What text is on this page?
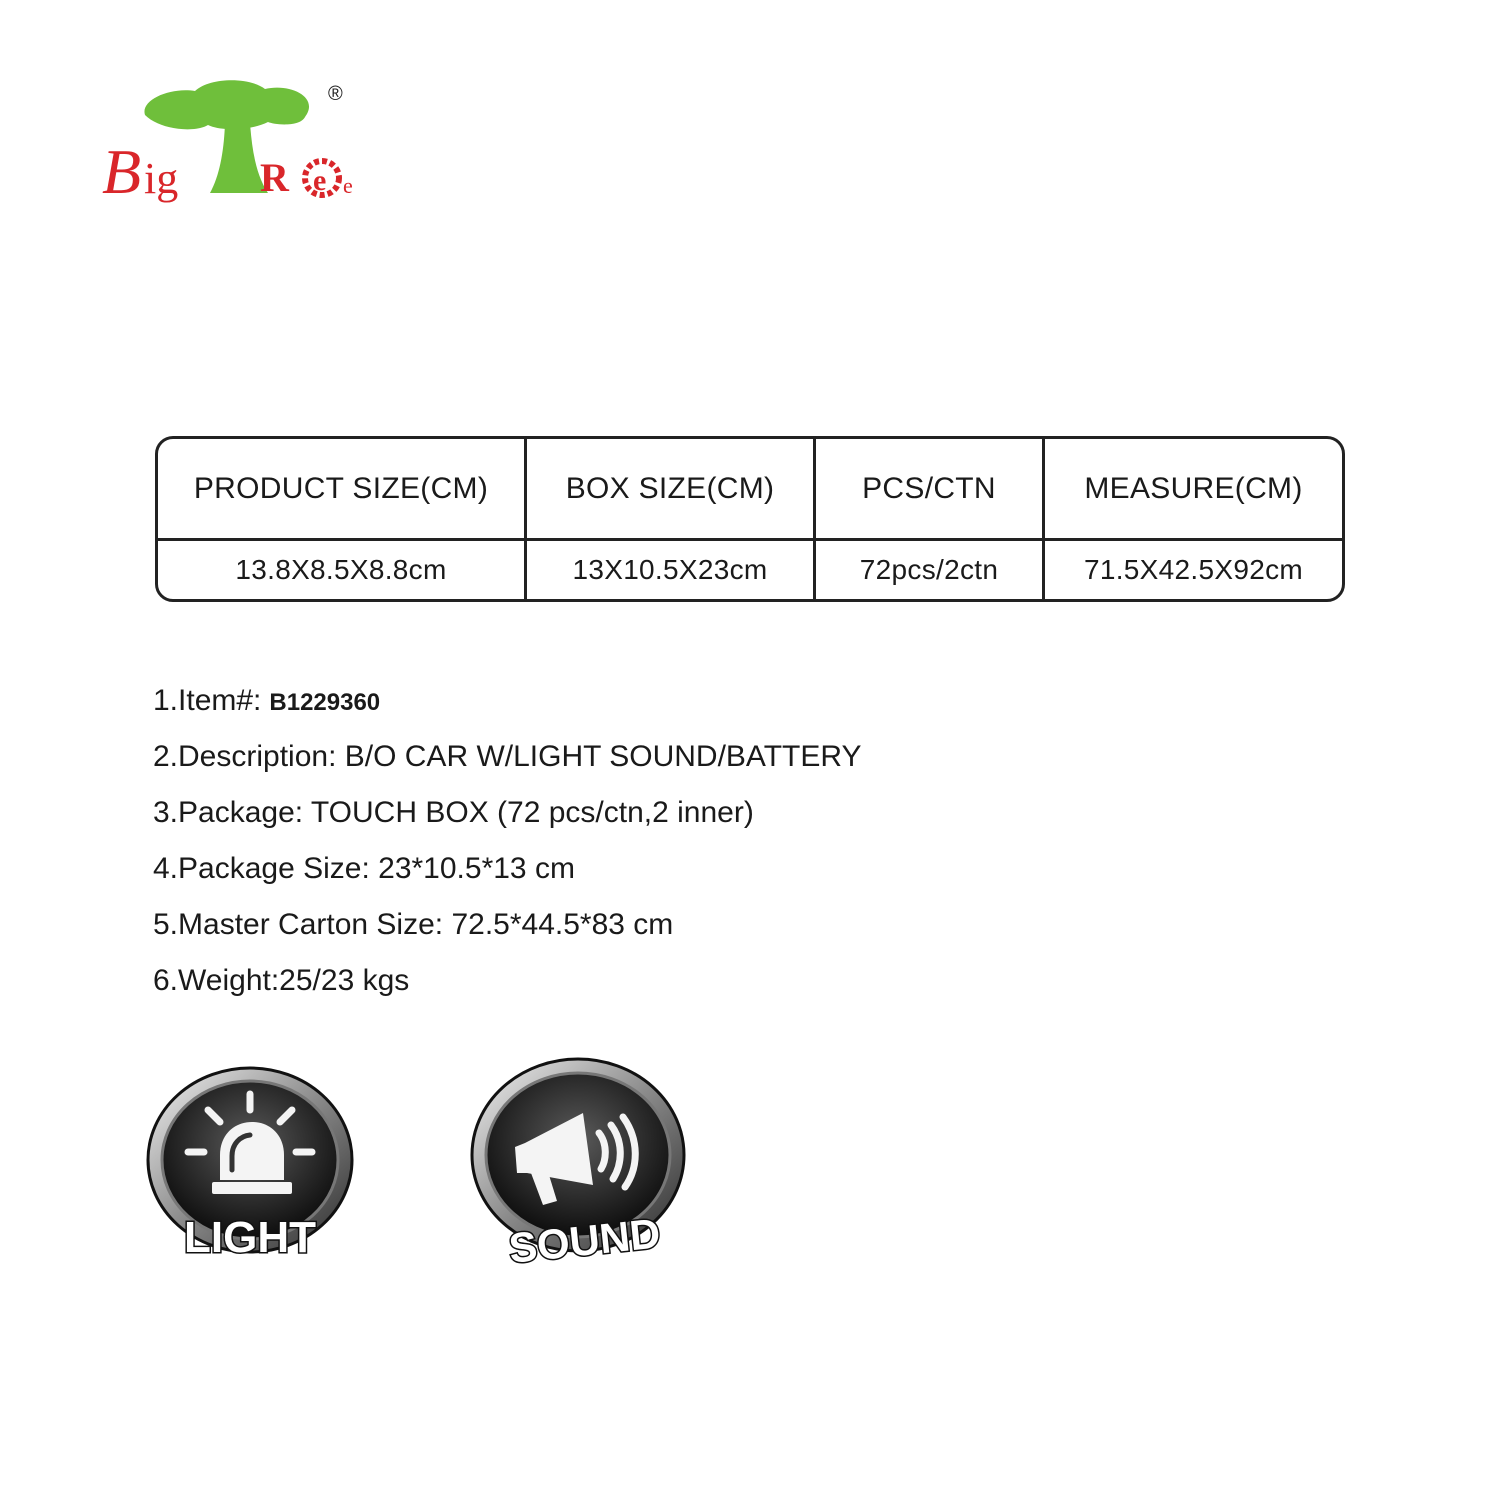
B ig R e e
®
PRODUCT SIZE(CM)	BOX SIZE(CM)	PCS/CTN	MEASURE(CM)
13.8X8.5X8.8cm	13X10.5X23cm	72pcs/2ctn	71.5X42.5X92cm
1.Item#: B1229360
2.Description: B/O CAR W/LIGHT SOUND/BATTERY
3.Package: TOUCH BOX (72 pcs/ctn,2 inner)
4.Package Size: 23*10.5*13 cm
5.Master Carton Size: 72.5*44.5*83 cm
6.Weight:25/23 kgs
LIGHT	SOUND
